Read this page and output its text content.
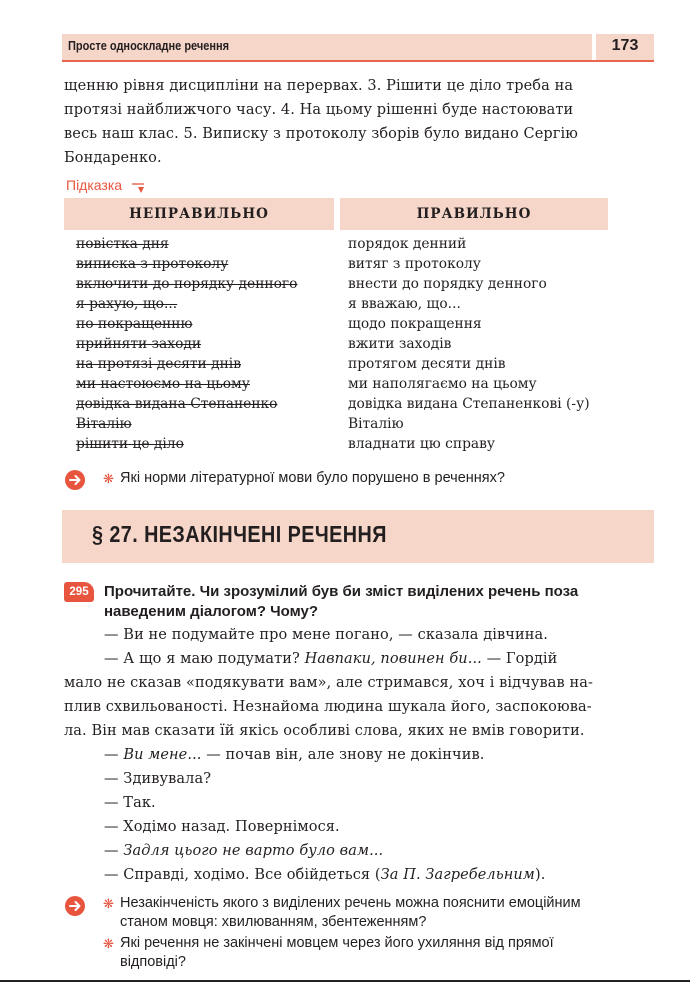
Просте односкладне речення	173
щенню рівня дисципліни на перервах. 3. Рішити це діло треба на
протязі найближчого часу. 4. На цьому рішенні буде настоювати
весь наш клас. 5. Виписку з протоколу зборів було видано Сергію
Бондаренко.
Підказка
НЕПРАВИЛЬНО	ПРАВИЛЬНО
повістка дня	порядок денний
виписка з протоколу	витяг з протоколу
включити до порядку денного	внести до порядку денного
я рахую, що...	я вважаю, що...
по покращенню	щодо покращення
прийняти заходи	вжити заходів
на протязі десяти днів	протягом десяти днів
ми настоюємо на цьому	ми наполягаємо на цьому
довідка видана Степаненко	довідка видана Степаненкові (-у)
Віталію	Віталію
рішити це діло	владнати цю справу
❋ Які норми літературної мови було порушено в реченнях?
§ 27. НЕЗАКІНЧЕНІ РЕЧЕННЯ
295	Прочитайте. Чи зрозумілий був би зміст виділених речень поза
наведеним діалогом? Чому?
— Ви не подумайте про мене погано, — сказала дівчина.
— А що я маю подумати? Навпаки, повинен би... — Гордій
мало не сказав «подякувати вам», але стримався, хоч і відчував на-
плив схвильованості. Незнайома людина шукала його, заспокоюва-
ла. Він мав сказати їй якісь особливі слова, яких не вмів говорити.
— Ви мене... — почав він, але знову не докінчив.
— Здивувала?
— Так.
— Ходімо назад. Повернімося.
— Задля цього не варто було вам...
— Справді, ходімо. Все обійдеться (За П. Загребельним).
❋ Незакінченість якого з виділених речень можна пояснити емоційним
станом мовця: хвилюванням, збентеженням?
❋ Які речення не закінчені мовцем через його ухиляння від прямої
відповіді?
